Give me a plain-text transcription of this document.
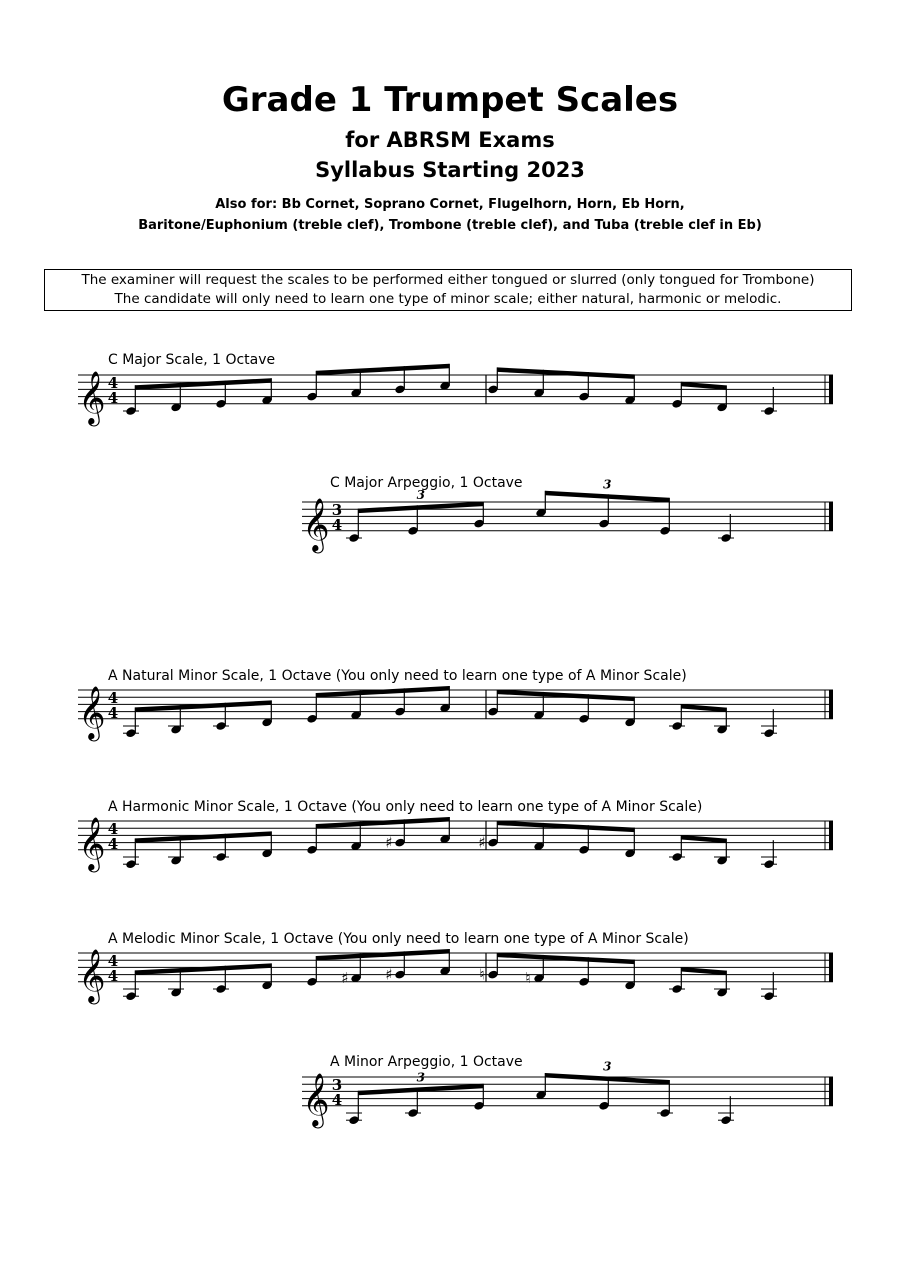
Grade 1 Trumpet Scales
for ABRSM Exams
Syllabus Starting 2023
Also for: Bb Cornet, Soprano Cornet, Flugelhorn, Horn, Eb Horn,
Baritone/Euphonium (treble clef), Trombone (treble clef), and Tuba (treble clef in Eb)
The examiner will request the scales to be performed either tongued or slurred (only tongued for Trombone)
The candidate will only need to learn one type of minor scale; either natural, harmonic or melodic.
C Major Scale, 1 Octave
C Major Arpeggio, 1 Octave
A Natural Minor Scale, 1 Octave (You only need to learn one type of A Minor Scale)
A Harmonic Minor Scale, 1 Octave (You only need to learn one type of A Minor Scale)
A Melodic Minor Scale, 1 Octave (You only need to learn one type of A Minor Scale)
A Minor Arpeggio, 1 Octave
𝄞 4
4
𝄞 3
4
3
3
𝄞 4
4
𝄞 4
4	♯	♯
𝄞 4
4	♯ ♯	♮	♮
𝄞 3
4
3
3
